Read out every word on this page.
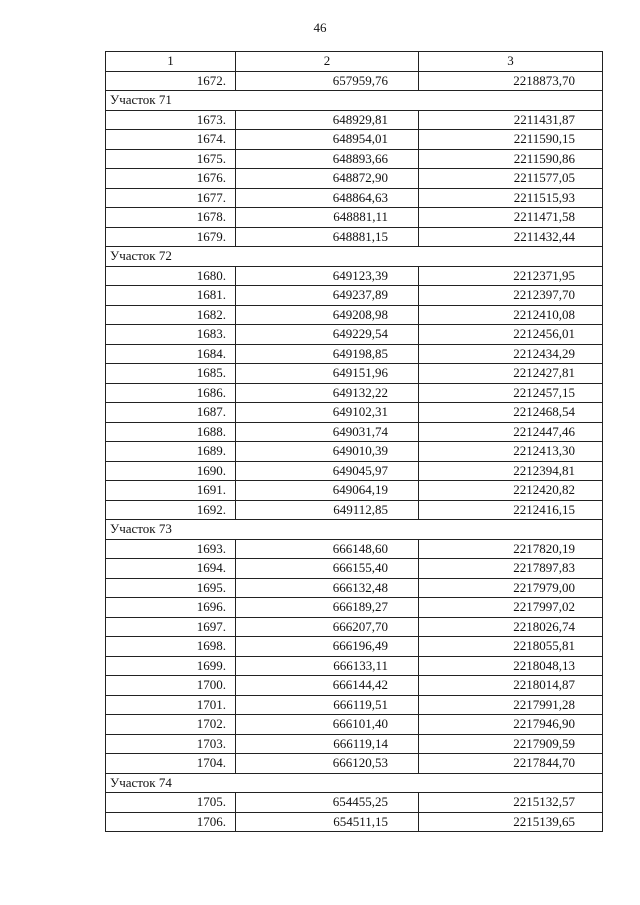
46
1	2	3
1672.	657959,76	2218873,70
Участок 71		
1673.	648929,81	2211431,87
1674.	648954,01	2211590,15
1675.	648893,66	2211590,86
1676.	648872,90	2211577,05
1677.	648864,63	2211515,93
1678.	648881,11	2211471,58
1679.	648881,15	2211432,44
Участок 72		
1680.	649123,39	2212371,95
1681.	649237,89	2212397,70
1682.	649208,98	2212410,08
1683.	649229,54	2212456,01
1684.	649198,85	2212434,29
1685.	649151,96	2212427,81
1686.	649132,22	2212457,15
1687.	649102,31	2212468,54
1688.	649031,74	2212447,46
1689.	649010,39	2212413,30
1690.	649045,97	2212394,81
1691.	649064,19	2212420,82
1692.	649112,85	2212416,15
Участок 73		
1693.	666148,60	2217820,19
1694.	666155,40	2217897,83
1695.	666132,48	2217979,00
1696.	666189,27	2217997,02
1697.	666207,70	2218026,74
1698.	666196,49	2218055,81
1699.	666133,11	2218048,13
1700.	666144,42	2218014,87
1701.	666119,51	2217991,28
1702.	666101,40	2217946,90
1703.	666119,14	2217909,59
1704.	666120,53	2217844,70
Участок 74		
1705.	654455,25	2215132,57
1706.	654511,15	2215139,65
